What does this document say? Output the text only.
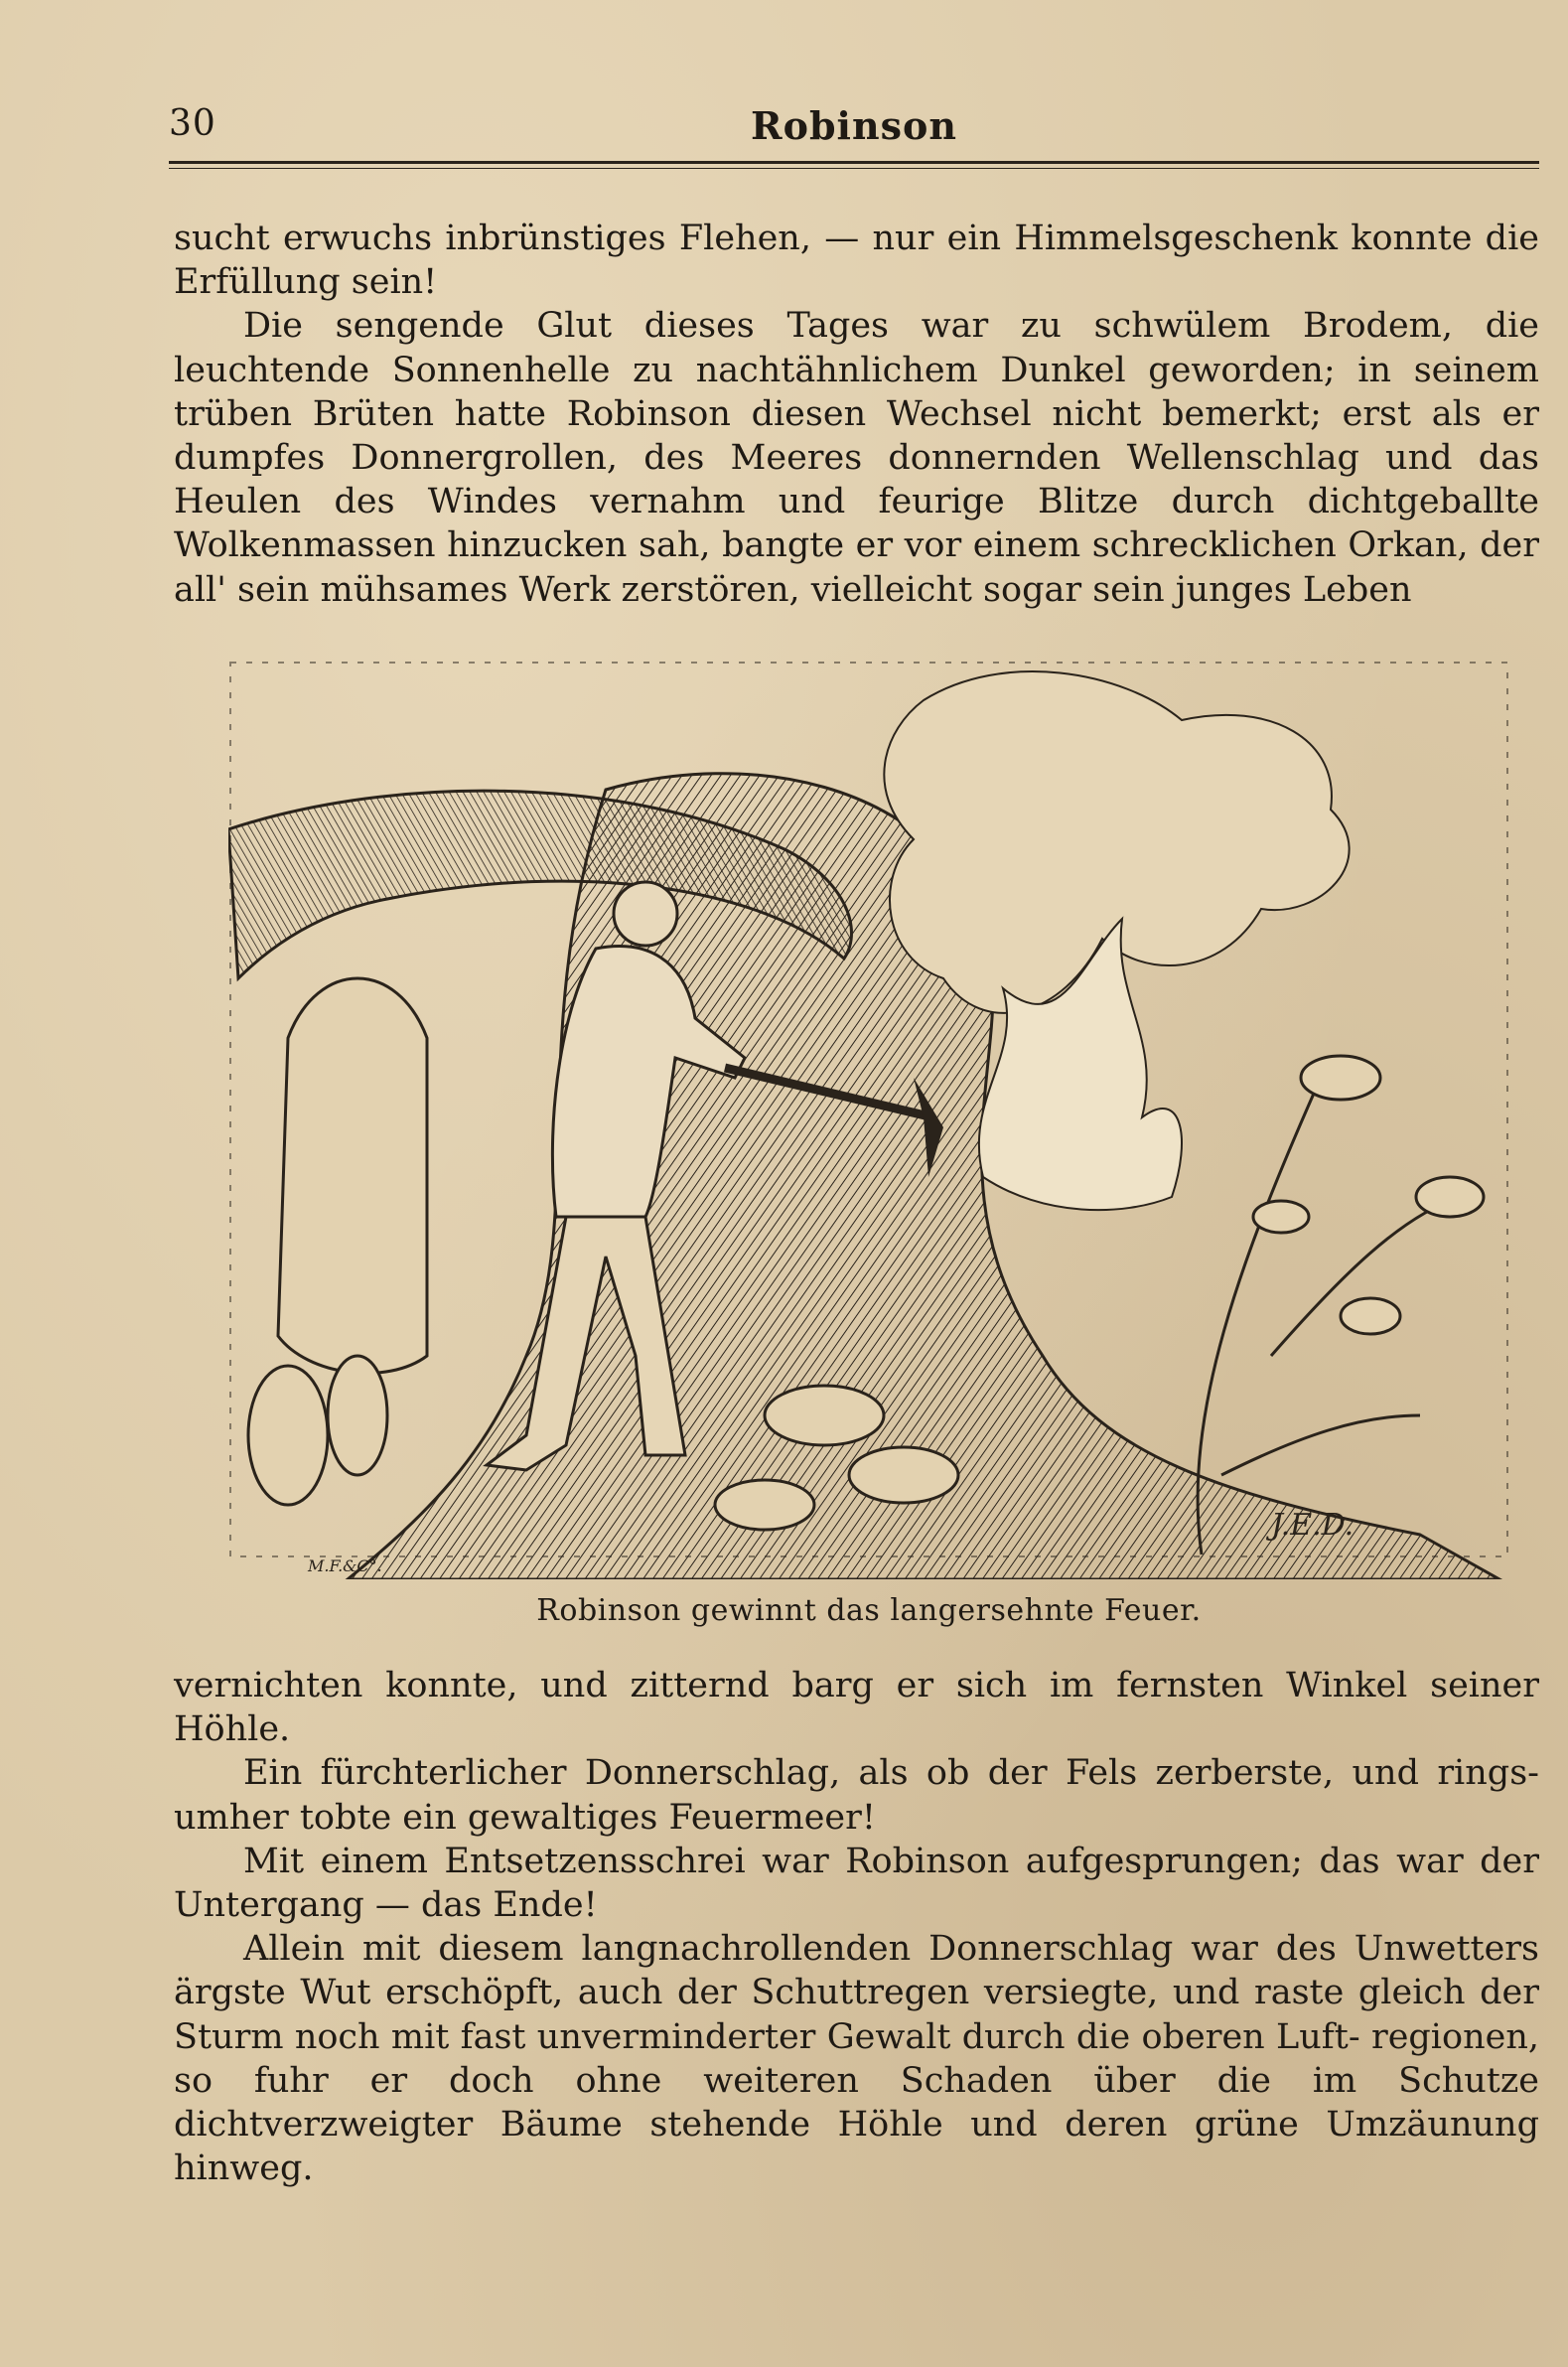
30	Robinson

sucht erwuchs inbrünstiges Flehen, — nur ein Himmelsgeschenk konnte die Erfüllung sein!

Die sengende Glut dieses Tages war zu schwülem Brodem, die leuchtende Sonnenhelle zu nachtähnlichem Dunkel geworden; in seinem trüben Brüten hatte Robinson diesen Wechsel nicht bemerkt; erst als er dumpfes Donnergrollen, des Meeres donnernden Wellenschlag und das Heulen des Windes vernahm und feurige Blitze durch dichtgeballte Wolkenmassen hinzucken sah, bangte er vor einem schrecklichen Orkan, der all' sein mühsames Werk zerstören, vielleicht sogar sein junges Leben

M.F.&C°.
J.E.D.
Robinson gewinnt das langersehnte Feuer.

vernichten konnte, und zitternd barg er sich im fernsten Winkel seiner Höhle.

Ein fürchterlicher Donnerschlag, als ob der Fels zerberste, und rings- umher tobte ein gewaltiges Feuermeer!

Mit einem Entsetzensschrei war Robinson aufgesprungen; das war der Untergang — das Ende!

Allein mit diesem langnachrollenden Donnerschlag war des Unwetters ärgste Wut erschöpft, auch der Schuttregen versiegte, und raste gleich der Sturm noch mit fast unverminderter Gewalt durch die oberen Luft- regionen, so fuhr er doch ohne weiteren Schaden über die im Schutze dichtverzweigter Bäume stehende Höhle und deren grüne Umzäunung hinweg.
